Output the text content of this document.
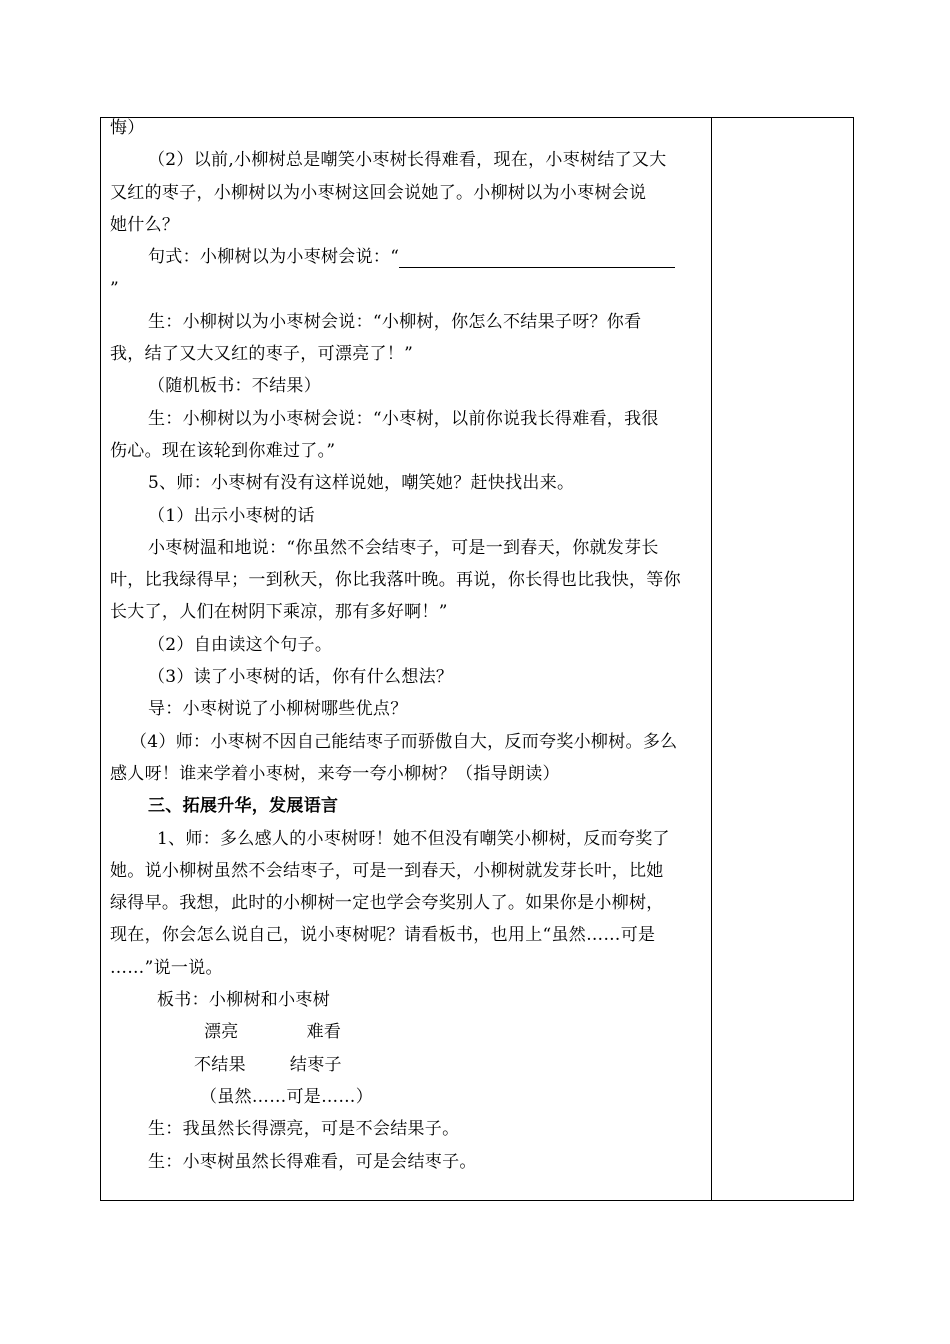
悔）

（2）以前,小柳树总是嘲笑小枣树长得难看，现在，小枣树结了又大

又红的枣子，小柳树以为小枣树这回会说她了。小柳树以为小枣树会说

她什么？

句式：小柳树以为小枣树会说：“

”

生：小柳树以为小枣树会说：“小柳树，你怎么不结果子呀？你看

我，结了又大又红的枣子，可漂亮了！”

（随机板书：不结果）

生：小柳树以为小枣树会说：“小枣树，以前你说我长得难看，我很

伤心。现在该轮到你难过了。”

5、师：小枣树有没有这样说她，嘲笑她？赶快找出来。

（1）出示小枣树的话

小枣树温和地说：“你虽然不会结枣子，可是一到春天，你就发芽长

叶，比我绿得早；一到秋天，你比我落叶晚。再说，你长得也比我快，等你

长大了，人们在树阴下乘凉，那有多好啊！”

（2）自由读这个句子。

（3）读了小枣树的话，你有什么想法？

导：小枣树说了小柳树哪些优点？

（4）师：小枣树不因自己能结枣子而骄傲自大，反而夸奖小柳树。多么

感人呀！谁来学着小枣树，来夸一夸小柳树？（指导朗读）

三、拓展升华，发展语言

1、师：多么感人的小枣树呀！她不但没有嘲笑小柳树，反而夸奖了

她。说小柳树虽然不会结枣子，可是一到春天，小柳树就发芽长叶，比她

绿得早。我想，此时的小柳树一定也学会夸奖别人了。如果你是小柳树，

现在，你会怎么说自己，说小枣树呢？请看板书，也用上“虽然……可是

……”说一说。

板书：小柳树和小枣树

漂亮	难看

不结果	结枣子

（虽然……可是……）

生：我虽然长得漂亮，可是不会结果子。

生：小枣树虽然长得难看，可是会结枣子。
